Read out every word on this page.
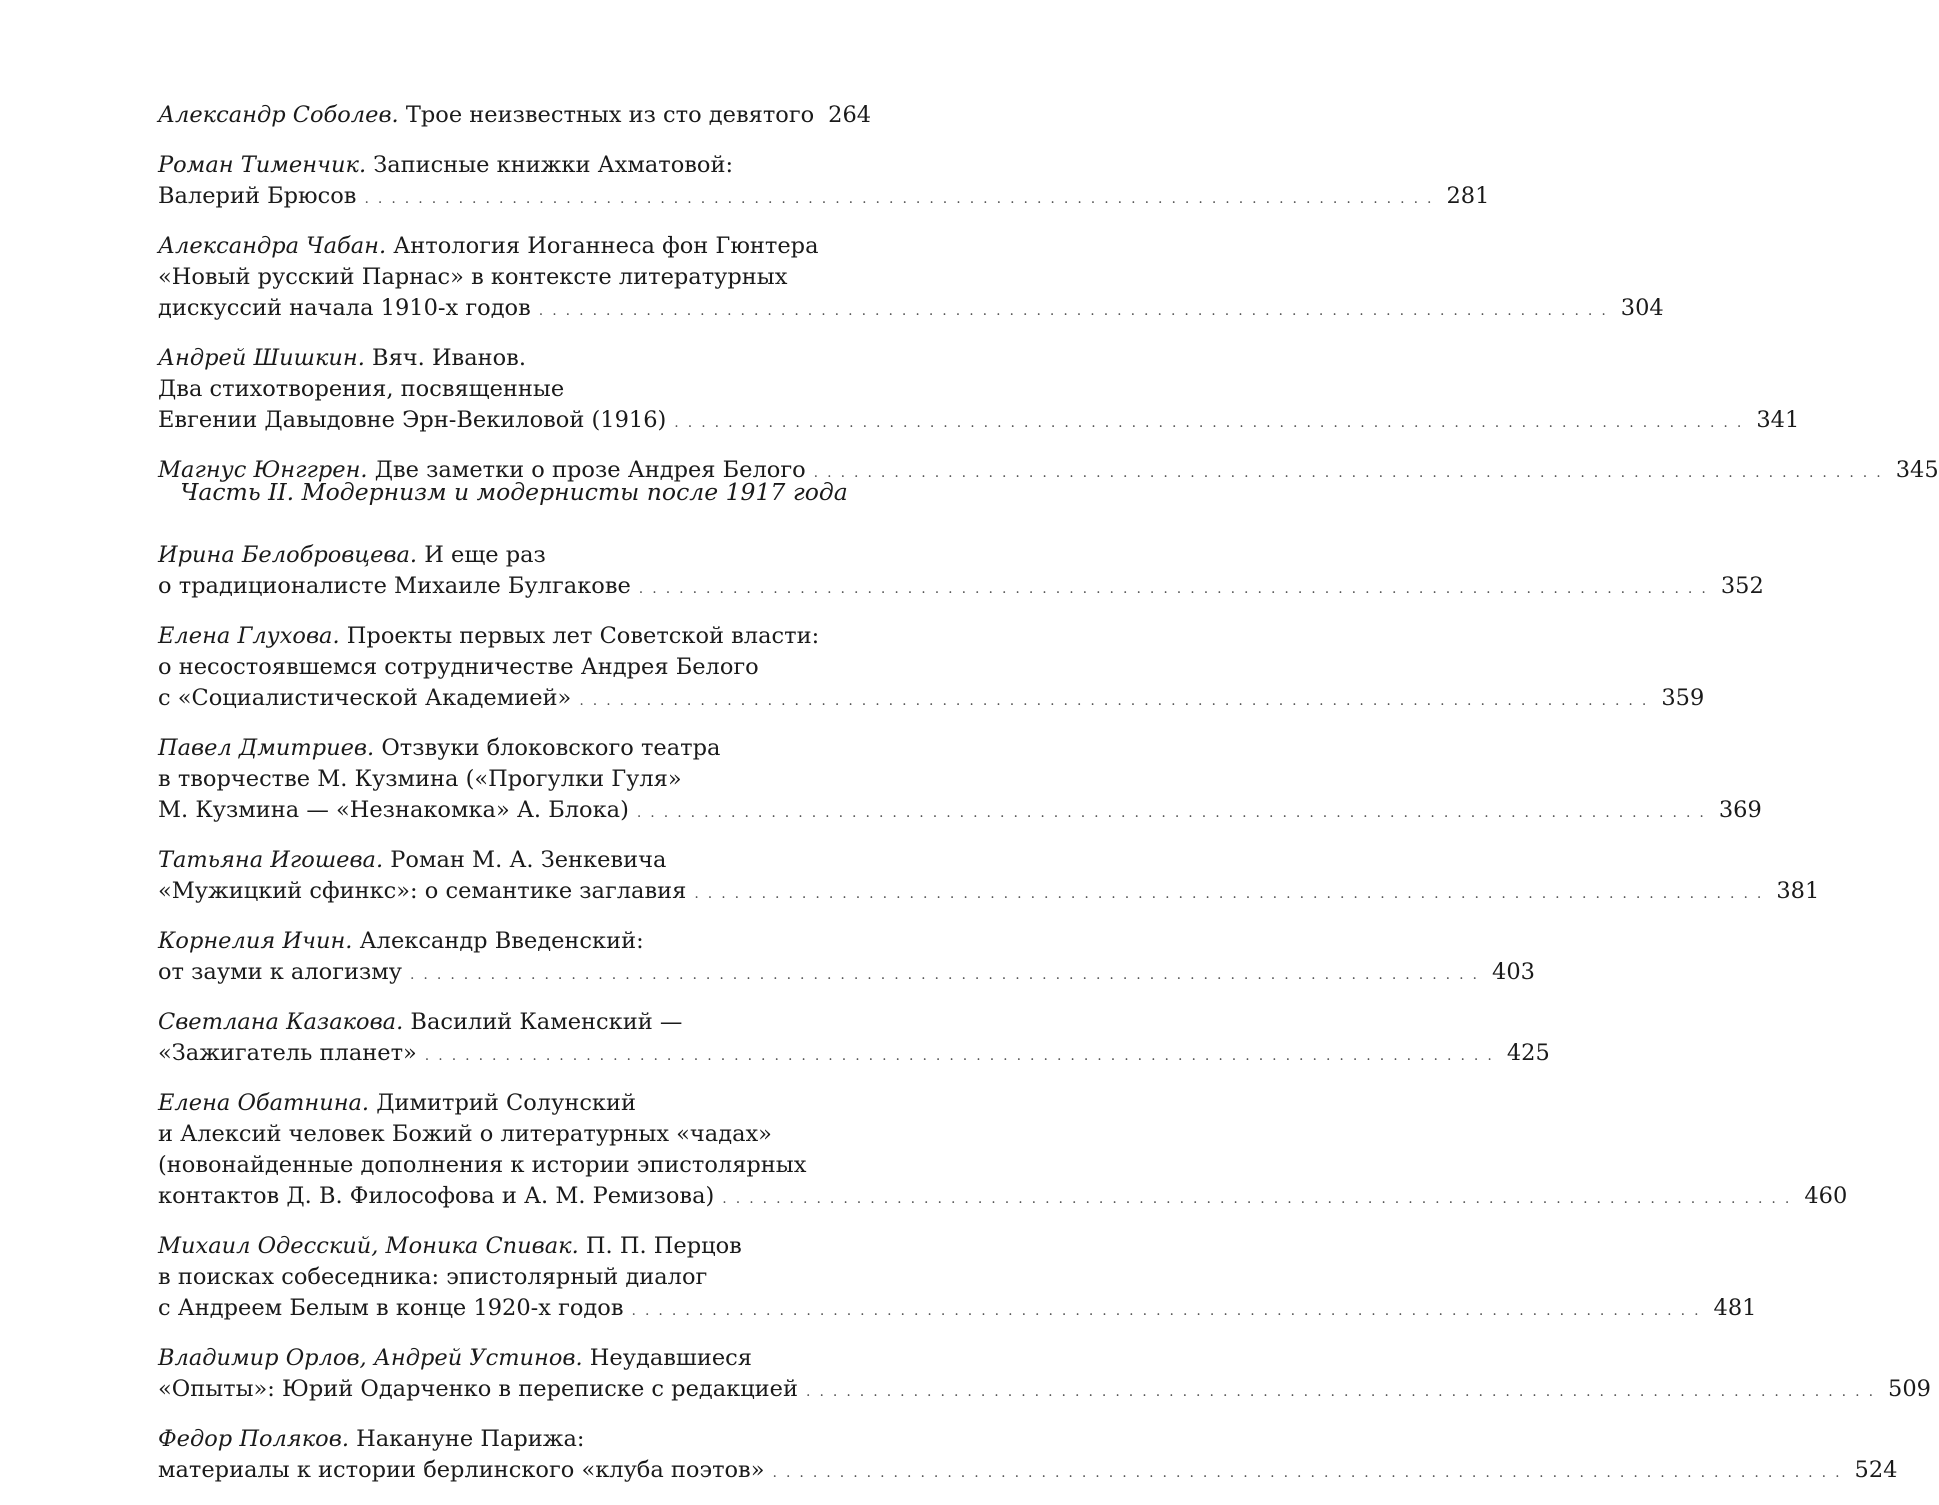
Александр Соболев. Трое неизвестных из сто девятого 264
Роман Тименчик. Записные книжки Ахматовой:
Валерий Брюсов ................................................................................ 281
Александра Чабан. Антология Иоганнеса фон Гюнтера
«Новый русский Парнас» в контексте литературных
дискуссий начала 1910-х годов ................................................................................ 304
Андрей Шишкин. Вяч. Иванов.
Два стихотворения, посвященные
Евгении Давыдовне Эрн-Векиловой (1916) ................................................................................ 341
Магнус Юнггрен. Две заметки о прозе Андрея Белого ................................................................................ 345
Часть II. Модернизм и модернисты после 1917 года
Ирина Белобровцева. И еще раз
о традиционалисте Михаиле Булгакове ................................................................................ 352
Елена Глухова. Проекты первых лет Советской власти:
о несостоявшемся сотрудничестве Андрея Белого
с «Социалистической Академией» ................................................................................ 359
Павел Дмитриев. Отзвуки блоковского театра
в творчестве М. Кузмина («Прогулки Гуля»
М. Кузмина — «Незнакомка» А. Блока) ................................................................................ 369
Татьяна Игошева. Роман М. А. Зенкевича
«Мужицкий сфинкс»: о семантике заглавия ................................................................................ 381
Корнелия Ичин. Александр Введенский:
от зауми к алогизму ................................................................................ 403
Светлана Казакова. Василий Каменский —
«Зажигатель планет» ................................................................................ 425
Елена Обатнина. Димитрий Солунский
и Алексий человек Божий о литературных «чадах»
(новонайденные дополнения к истории эпистолярных
контактов Д. В. Философова и А. М. Ремизова) ................................................................................ 460
Михаил Одесский, Моника Спивак. П. П. Перцов
в поисках собеседника: эпистолярный диалог
с Андреем Белым в конце 1920-х годов ................................................................................ 481
Владимир Орлов, Андрей Устинов. Неудавшиеся
«Опыты»: Юрий Одарченко в переписке с редакцией ................................................................................ 509
Федор Поляков. Накануне Парижа:
материалы к истории берлинского «клуба поэтов» ................................................................................ 524
